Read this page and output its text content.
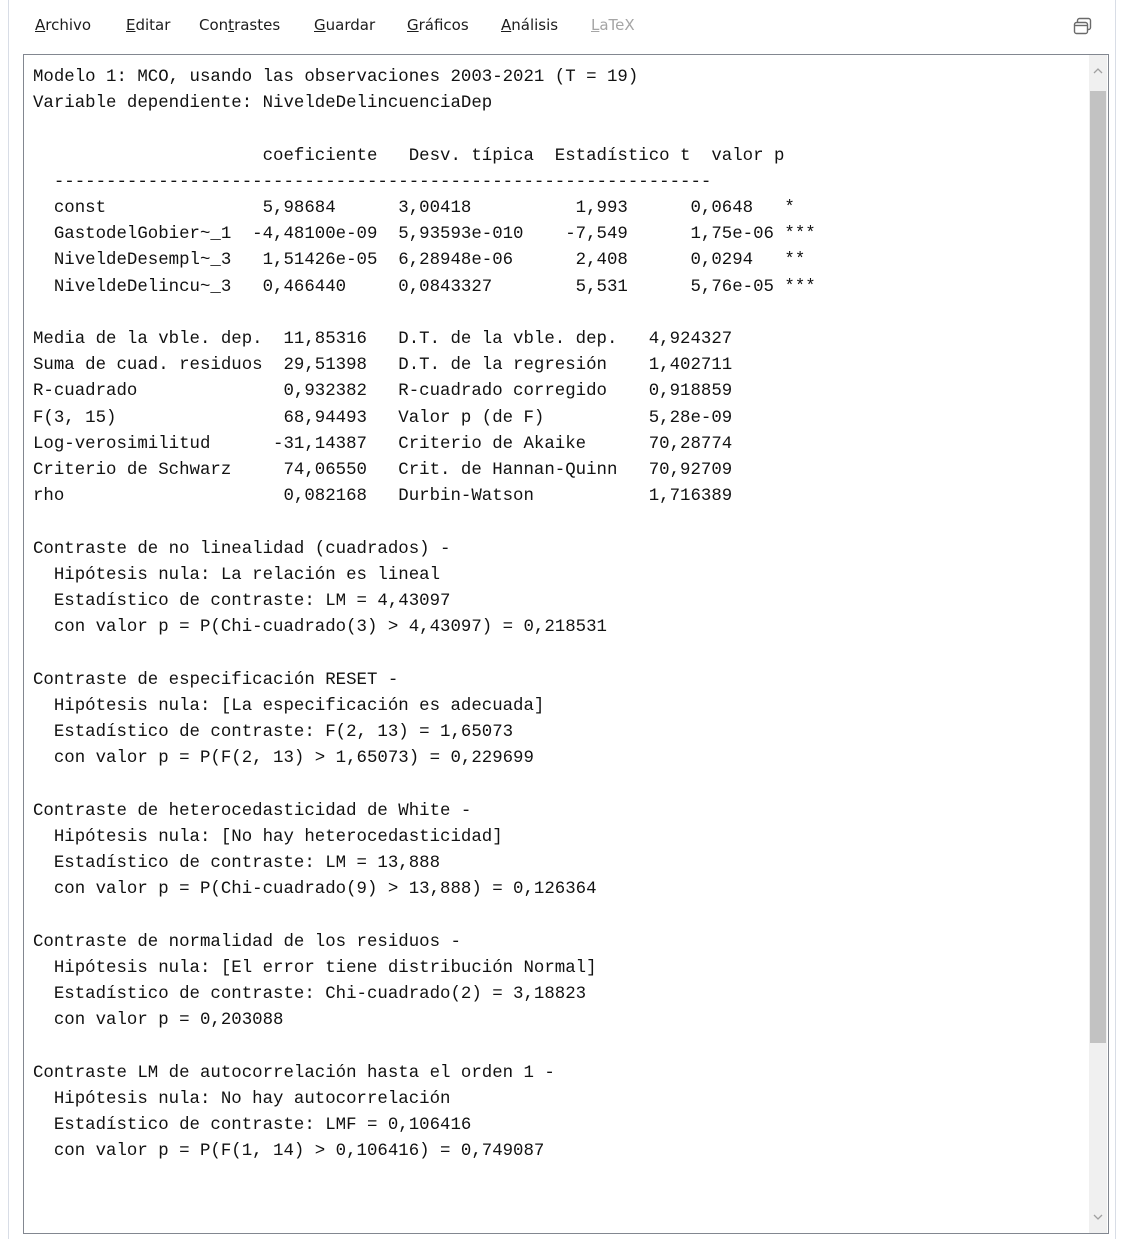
Archivo Editar Contrastes Guardar Gráficos Análisis LaTeX
Modelo 1: MCO, usando las observaciones 2003-2021 (T = 19)
Variable dependiente: NiveldeDelincuenciaDep

coeficiente   Desv. típica  Estadístico t  valor p
---------------------------------------------------------------
const               5,98684      3,00418          1,993      0,0648   *
GastodelGobier~_1  -4,48100e-09  5,93593e-010    -7,549      1,75e-06 ***
NiveldeDesempl~_3   1,51426e-05  6,28948e-06      2,408      0,0294   **
NiveldeDelincu~_3   0,466440     0,0843327        5,531      5,76e-05 ***

Media de la vble. dep.  11,85316   D.T. de la vble. dep.   4,924327
Suma de cuad. residuos  29,51398   D.T. de la regresión    1,402711
R-cuadrado              0,932382   R-cuadrado corregido    0,918859
F(3, 15)                68,94493   Valor p (de F)          5,28e-09
Log-verosimilitud      -31,14387   Criterio de Akaike      70,28774
Criterio de Schwarz     74,06550   Crit. de Hannan-Quinn   70,92709
rho                     0,082168   Durbin-Watson           1,716389

Contraste de no linealidad (cuadrados) -
Hipótesis nula: La relación es lineal
Estadístico de contraste: LM = 4,43097
con valor p = P(Chi-cuadrado(3) > 4,43097) = 0,218531

Contraste de especificación RESET -
Hipótesis nula: [La especificación es adecuada]
Estadístico de contraste: F(2, 13) = 1,65073
con valor p = P(F(2, 13) > 1,65073) = 0,229699

Contraste de heterocedasticidad de White -
Hipótesis nula: [No hay heterocedasticidad]
Estadístico de contraste: LM = 13,888
con valor p = P(Chi-cuadrado(9) > 13,888) = 0,126364

Contraste de normalidad de los residuos -
Hipótesis nula: [El error tiene distribución Normal]
Estadístico de contraste: Chi-cuadrado(2) = 3,18823
con valor p = 0,203088

Contraste LM de autocorrelación hasta el orden 1 -
Hipótesis nula: No hay autocorrelación
Estadístico de contraste: LMF = 0,106416
con valor p = P(F(1, 14) > 0,106416) = 0,749087
